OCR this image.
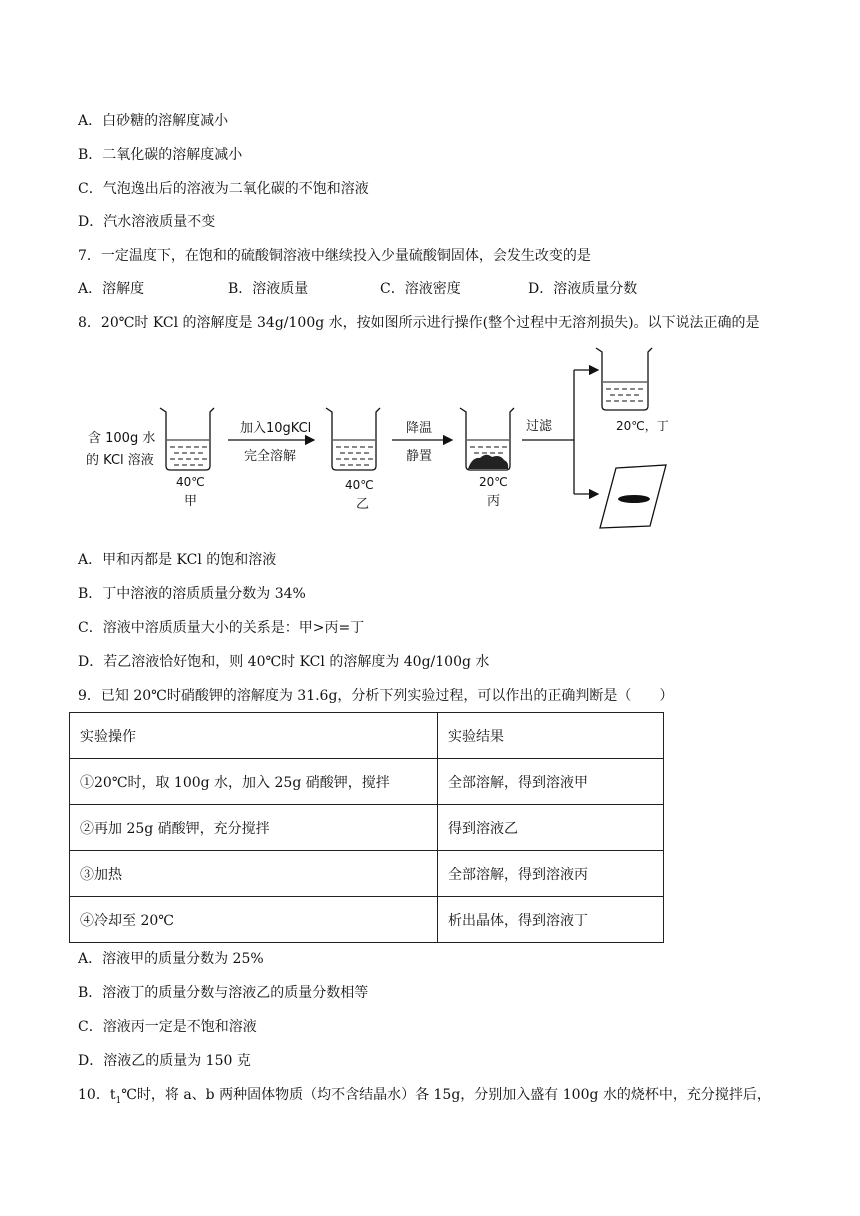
A．白砂糖的溶解度减小
B．二氧化碳的溶解度减小
C．气泡逸出后的溶液为二氧化碳的不饱和溶液
D．汽水溶液质量不变
7．一定温度下，在饱和的硫酸铜溶液中继续投入少量硫酸铜固体，会发生改变的是
A．溶解度	B．溶液质量	C．溶液密度	D．溶液质量分数
8．20℃时 KCl 的溶解度是 34g/100g 水，按如图所示进行操作(整个过程中无溶剂损失)。以下说法正确的是
含 100g 水
的 KCl 溶液
40℃
甲
加入10gKCl
完全溶解
40℃
乙
降温
静置
20℃
丙
过滤	20℃，丁
A．甲和丙都是 KCl 的饱和溶液
B．丁中溶液的溶质质量分数为 34%
C．溶液中溶质质量大小的关系是：甲>丙=丁
D．若乙溶液恰好饱和，则 40℃时 KCl 的溶解度为 40g/100g 水
9．已知 20℃时硝酸钾的溶解度为 31.6g，分析下列实验过程，可以作出的正确判断是（　　）
实验操作	实验结果
①20℃时，取 100g 水，加入 25g 硝酸钾，搅拌	全部溶解，得到溶液甲
②再加 25g 硝酸钾，充分搅拌	得到溶液乙
③加热	全部溶解，得到溶液丙
④冷却至 20℃	析出晶体，得到溶液丁
A．溶液甲的质量分数为 25%
B．溶液丁的质量分数与溶液乙的质量分数相等
C．溶液丙一定是不饱和溶液
D．溶液乙的质量为 150 克
10．$t_1℃$时，将 a、b 两种固体物质（均不含结晶水）各 15g，分别加入盛有 100g 水的烧杯中，充分搅拌后，
